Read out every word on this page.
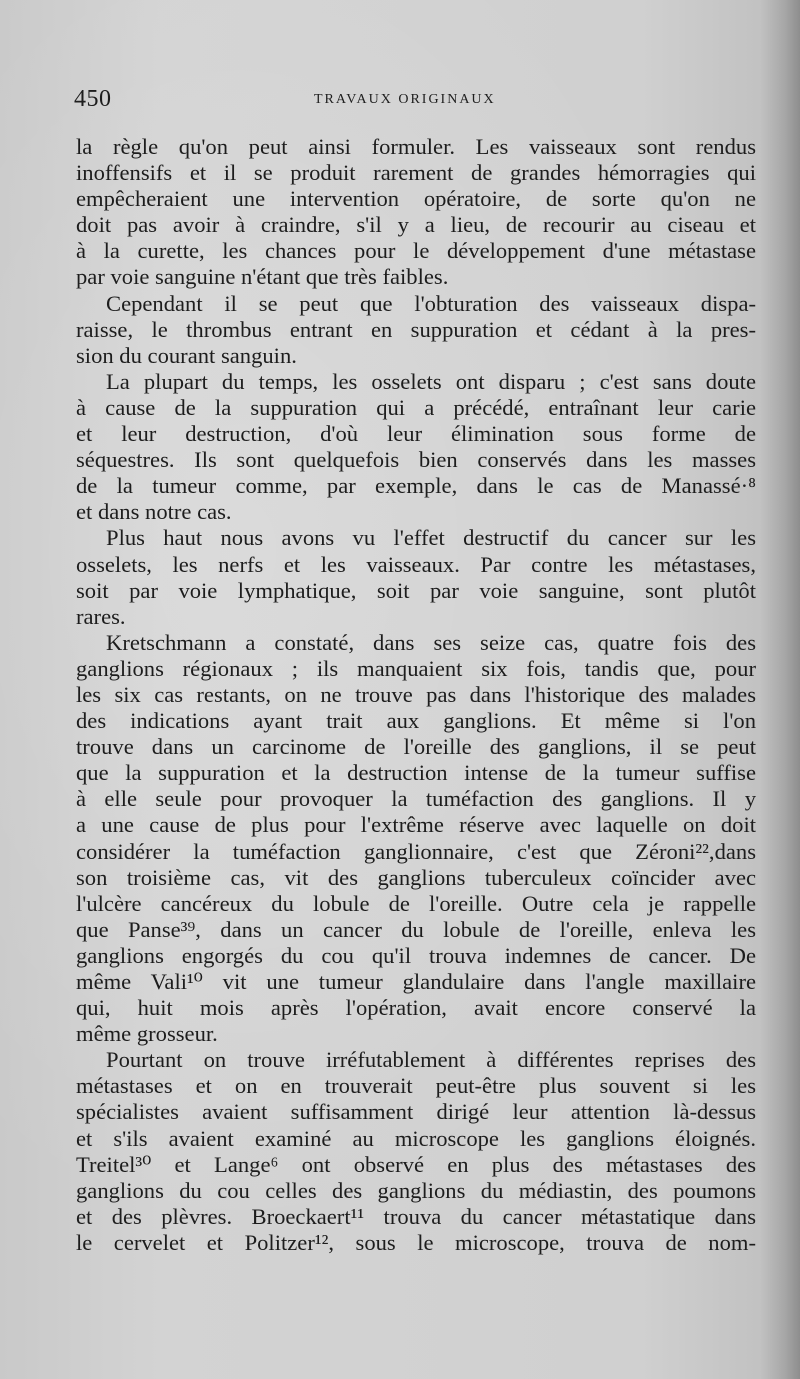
450	TRAVAUX ORIGINAUX
la règle qu'on peut ainsi formuler. Les vaisseaux sont rendus
inoffensifs et il se produit rarement de grandes hémorragies qui
empêcheraient une intervention opératoire, de sorte qu'on ne
doit pas avoir à craindre, s'il y a lieu, de recourir au ciseau et
à la curette, les chances pour le développement d'une métastase
par voie sanguine n'étant que très faibles.
Cependant il se peut que l'obturation des vaisseaux dispa-
raisse, le thrombus entrant en suppuration et cédant à la pres-
sion du courant sanguin.
La plupart du temps, les osselets ont disparu ; c'est sans doute
à cause de la suppuration qui a précédé, entraînant leur carie
et leur destruction, d'où leur élimination sous forme de
séquestres. Ils sont quelquefois bien conservés dans les masses
de la tumeur comme, par exemple, dans le cas de Manassé·⁸
et dans notre cas.
Plus haut nous avons vu l'effet destructif du cancer sur les
osselets, les nerfs et les vaisseaux. Par contre les métastases,
soit par voie lymphatique, soit par voie sanguine, sont plutôt
rares.
Kretschmann a constaté, dans ses seize cas, quatre fois des
ganglions régionaux ; ils manquaient six fois, tandis que, pour
les six cas restants, on ne trouve pas dans l'historique des malades
des indications ayant trait aux ganglions. Et même si l'on
trouve dans un carcinome de l'oreille des ganglions, il se peut
que la suppuration et la destruction intense de la tumeur suffise
à elle seule pour provoquer la tuméfaction des ganglions. Il y
a une cause de plus pour l'extrême réserve avec laquelle on doit
considérer la tuméfaction ganglionnaire, c'est que Zéroni²²,dans
son troisième cas, vit des ganglions tuberculeux coïncider avec
l'ulcère cancéreux du lobule de l'oreille. Outre cela je rappelle
que Panse³⁹, dans un cancer du lobule de l'oreille, enleva les
ganglions engorgés du cou qu'il trouva indemnes de cancer. De
même Vali¹⁰ vit une tumeur glandulaire dans l'angle maxillaire
qui, huit mois après l'opération, avait encore conservé la
même grosseur.
Pourtant on trouve irréfutablement à différentes reprises des
métastases et on en trouverait peut-être plus souvent si les
spécialistes avaient suffisamment dirigé leur attention là-dessus
et s'ils avaient examiné au microscope les ganglions éloignés.
Treitel³⁰ et Lange⁶ ont observé en plus des métastases des
ganglions du cou celles des ganglions du médiastin, des poumons
et des plèvres. Broeckaert¹¹ trouva du cancer métastatique dans
le cervelet et Politzer¹², sous le microscope, trouva de nom-
